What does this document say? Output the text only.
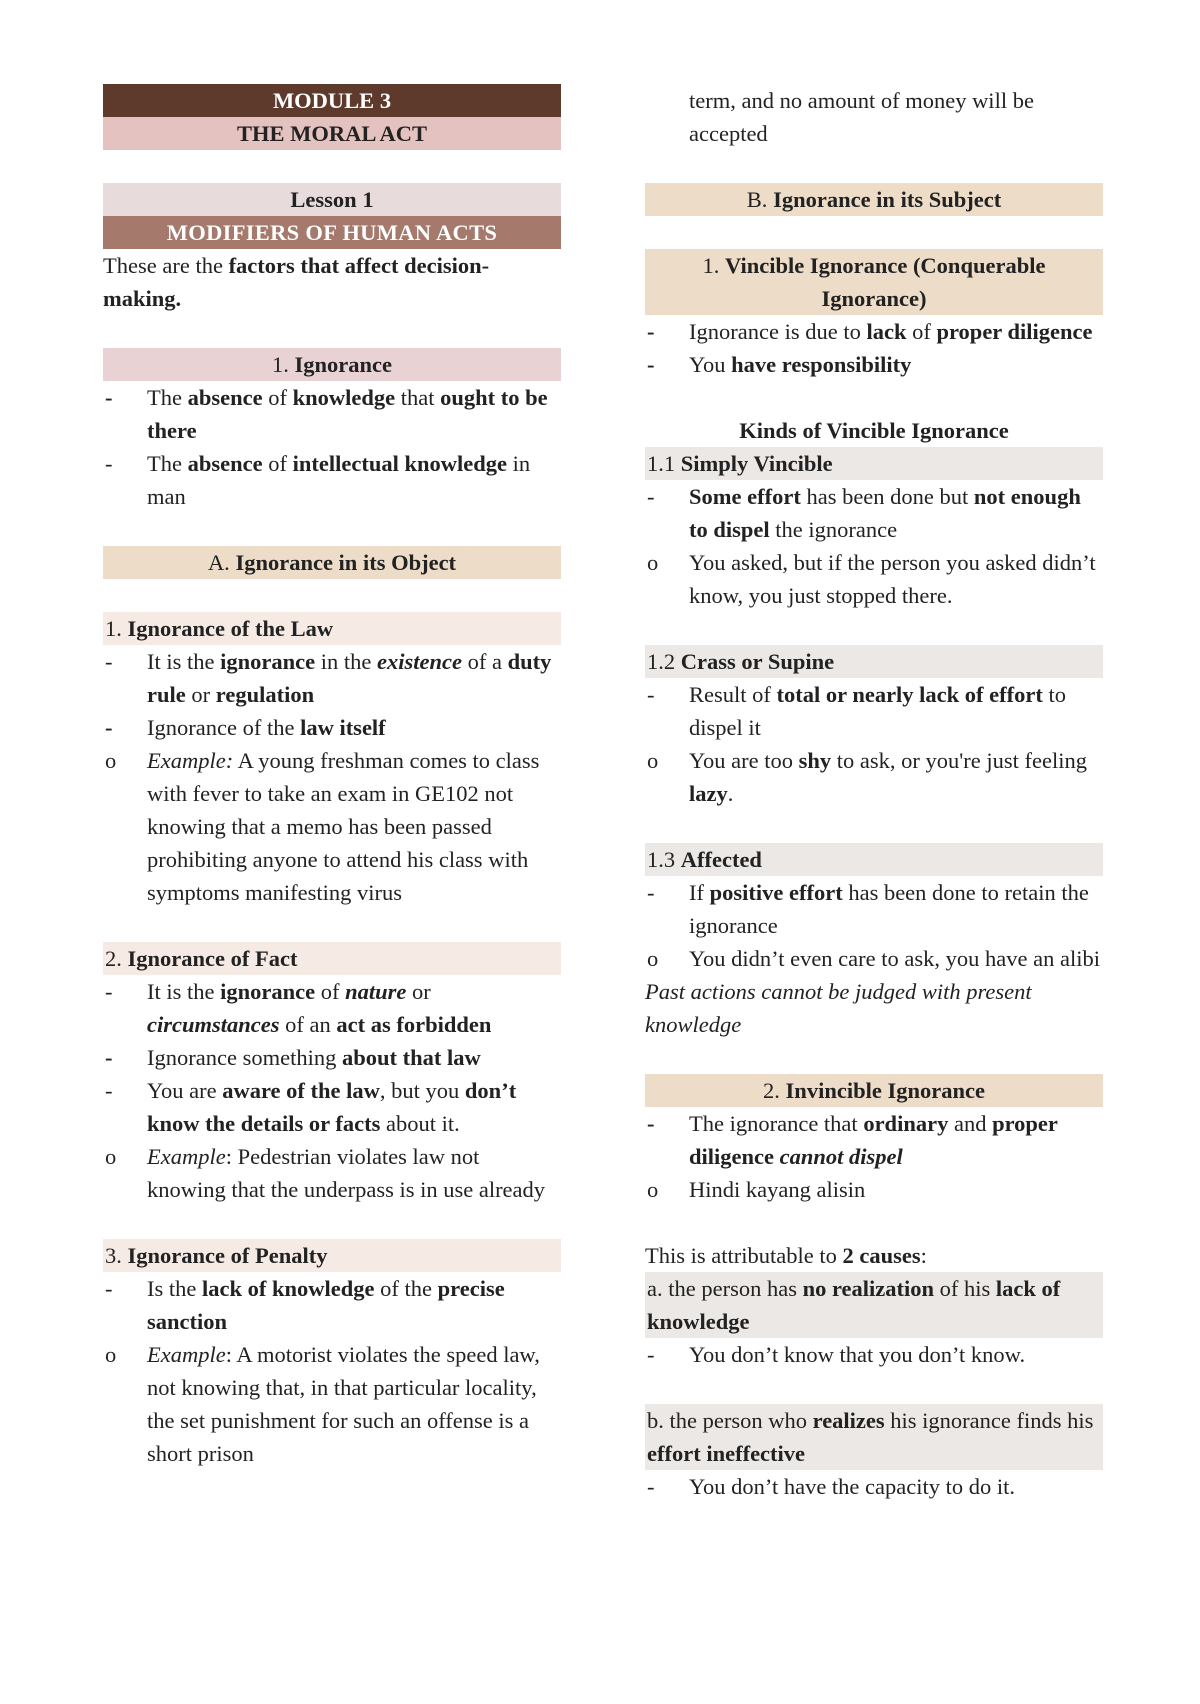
MODULE 3
THE MORAL ACT
Lesson 1
MODIFIERS OF HUMAN ACTS
These are the factors that affect decision-making.
1. Ignorance
-	The absence of knowledge that ought to be there
-	The absence of intellectual knowledge in man
A. Ignorance in its Object
1. Ignorance of the Law
-	It is the ignorance in the existence of a duty rule or regulation
-	Ignorance of the law itself
o	Example: A young freshman comes to class with fever to take an exam in GE102 not knowing that a memo has been passed prohibiting anyone to attend his class with symptoms manifesting virus
2. Ignorance of Fact
-	It is the ignorance of nature or circumstances of an act as forbidden
-	Ignorance something about that law
-	You are aware of the law, but you don’t know the details or facts about it.
o	Example: Pedestrian violates law not knowing that the underpass is in use already
3. Ignorance of Penalty
-	Is the lack of knowledge of the precise sanction
o	Example: A motorist violates the speed law, not knowing that, in that particular locality, the set punishment for such an offense is a short prison
term, and no amount of money will be accepted
B. Ignorance in its Subject
1. Vincible Ignorance (Conquerable Ignorance)
-	Ignorance is due to lack of proper diligence
-	You have responsibility
Kinds of Vincible Ignorance
1.1 Simply Vincible
-	Some effort has been done but not enough to dispel the ignorance
o	You asked, but if the person you asked didn’t know, you just stopped there.
1.2 Crass or Supine
-	Result of total or nearly lack of effort to dispel it
o	You are too shy to ask, or you're just feeling lazy.
1.3 Affected
-	If positive effort has been done to retain the ignorance
o	You didn’t even care to ask, you have an alibi
Past actions cannot be judged with present knowledge
2. Invincible Ignorance
-	The ignorance that ordinary and proper diligence cannot dispel
o	Hindi kayang alisin
This is attributable to 2 causes:
a. the person has no realization of his lack of knowledge
-	You don’t know that you don’t know.
b. the person who realizes his ignorance finds his effort ineffective
-	You don’t have the capacity to do it.
